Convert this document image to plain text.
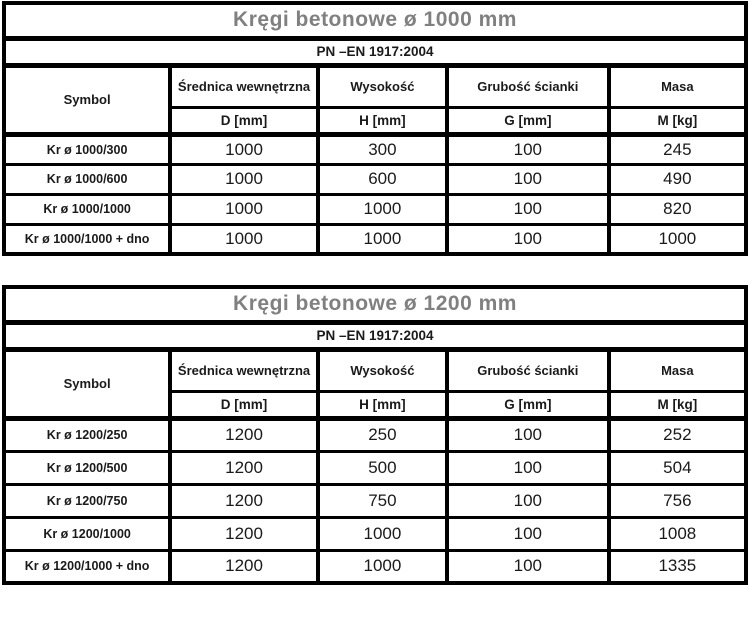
Kręgi betonowe ø 1000 mm				
PN –EN 1917:2004				
Symbol	Średnica wewnętrzna	Wysokość	Grubość ścianki	Masa
	D [mm]	H [mm]	G [mm]	M [kg]
Kr ø 1000/300	1000	300	100	245
Kr ø 1000/600	1000	600	100	490
Kr ø 1000/1000	1000	1000	100	820
Kr ø 1000/1000 + dno	1000	1000	100	1000
Kręgi betonowe ø 1200 mm				
PN –EN 1917:2004				
Symbol	Średnica wewnętrzna	Wysokość	Grubość ścianki	Masa
	D [mm]	H [mm]	G [mm]	M [kg]
Kr ø 1200/250	1200	250	100	252
Kr ø 1200/500	1200	500	100	504
Kr ø 1200/750	1200	750	100	756
Kr ø 1200/1000	1200	1000	100	1008
Kr ø 1200/1000 + dno	1200	1000	100	1335
